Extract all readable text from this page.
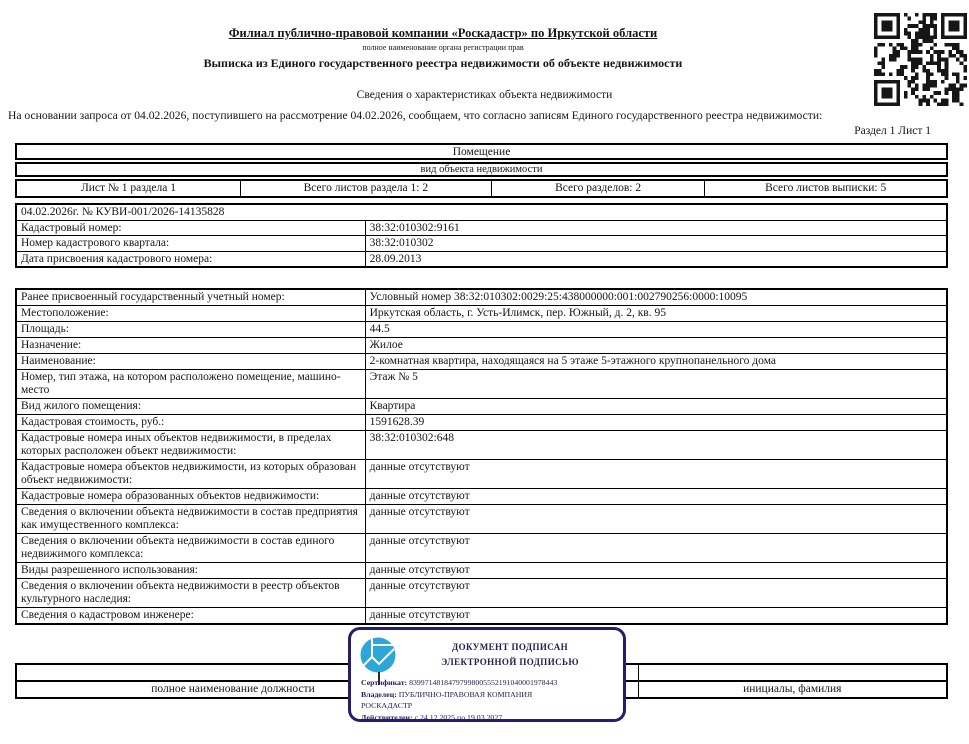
Филиал публично-правовой компании «Роскадастр» по Иркутской области
полное наименование органа регистрации прав
Выписка из Единого государственного реестра недвижимости об объекте недвижимости
Сведения о характеристиках объекта недвижимости
На основании запроса от 04.02.2026, поступившего на рассмотрение 04.02.2026, сообщаем, что согласно записям Единого государственного реестра недвижимости:
Раздел 1 Лист 1
Помещение
вид объекта недвижимости
Лист № 1 раздела 1	Всего листов раздела 1: 2	Всего разделов: 2	Всего листов выписки: 5
04.02.2026г. № КУВИ-001/2026-14135828	
Кадастровый номер:	38:32:010302:9161
Номер кадастрового квартала:	38:32:010302
Дата присвоения кадастрового номера:	28.09.2013
Ранее присвоенный государственный учетный номер:	Условный номер 38:32:010302:0029:25:438000000:001:002790256:0000:10095
Местоположение:	Иркутская область, г. Усть-Илимск, пер. Южный, д. 2, кв. 95
Площадь:	44.5
Назначение:	Жилое
Наименование:	2-комнатная квартира, находящаяся на 5 этаже 5-этажного крупнопанельного дома
Номер, тип этажа, на котором расположено помещение, машино-место	Этаж № 5
Вид жилого помещения:	Квартира
Кадастровая стоимость, руб.:	1591628.39
Кадастровые номера иных объектов недвижимости, в пределах которых расположен объект недвижимости:	38:32:010302:648
Кадастровые номера объектов недвижимости, из которых образован объект недвижимости:	данные отсутствуют
Кадастровые номера образованных объектов недвижимости:	данные отсутствуют
Сведения о включении объекта недвижимости в состав предприятия как имущественного комплекса:	данные отсутствуют
Сведения о включении объекта недвижимости в состав единого недвижимого комплекса:	данные отсутствуют
Виды разрешенного использования:	данные отсутствуют
Сведения о включении объекта недвижимости в реестр объектов культурного наследия:	данные отсутствуют
Сведения о кадастровом инженере:	данные отсутствуют
полное наименование должности	инициалы, фамилия
ДОКУМЕНТ ПОДПИСАН
ЭЛЕКТРОННОЙ ПОДПИСЬЮ
Сертификат: 83997148184797998005552191040001978443
Владелец: ПУБЛИЧНО-ПРАВОВАЯ КОМПАНИЯ РОСКАДАСТР
Действителен: с 24.12.2025 по 19.03.2027
